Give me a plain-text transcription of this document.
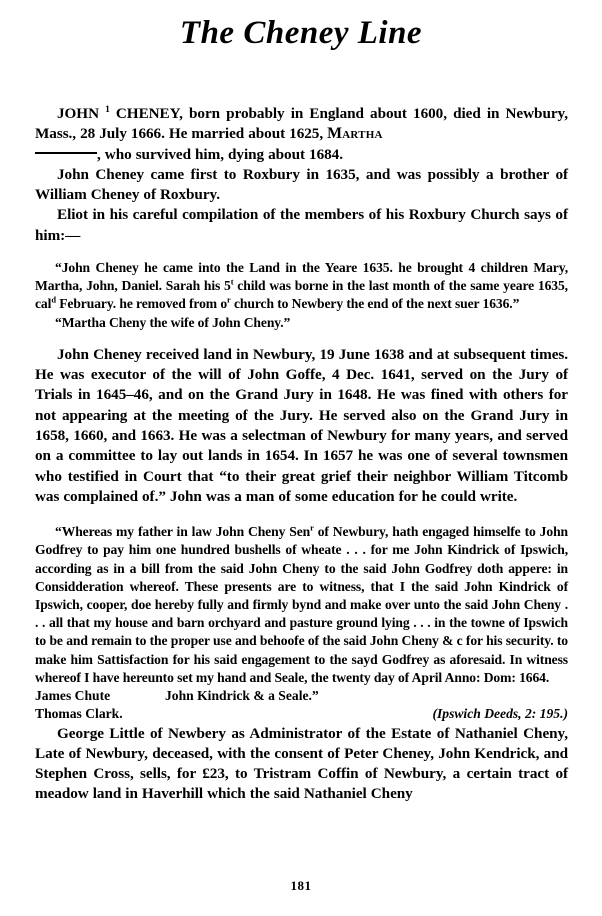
The Cheney Line

JOHN $^1$ CHENEY, born probably in England about 1600, died in Newbury, Mass., 28 July 1666. He married about 1625, Martha
, who survived him, dying about 1684.

John Cheney came first to Roxbury in 1635, and was possibly a brother of William Cheney of Roxbury.

Eliot in his careful compilation of the members of his Roxbury Church says of him:—

“John Cheney he came into the Land in the Yeare 1635. he brought 4 children Mary, Martha, John, Daniel. Sarah his 5$^t$ child was borne in the last month of the same yeare 1635, cal$^d$ February. he removed from $o^r$ church to Newbery the end of the next suer 1636.”

“Martha Cheny the wife of John Cheny.”

John Cheney received land in Newbury, 19 June 1638 and at subsequent times. He was executor of the will of John Goffe, 4 Dec. 1641, served on the Jury of Trials in 1645–46, and on the Grand Jury in 1648. He was fined with others for not appearing at the meeting of the Jury. He served also on the Grand Jury in 1658, 1660, and 1663. He was a selectman of Newbury for many years, and served on a committee to lay out lands in 1654. In 1657 he was one of several townsmen who testified in Court that “to their great grief their neighbor William Titcomb was complained of.” John was a man of some education for he could write.

“Whereas my father in law John Cheny Sen$^r$ of Newbury, hath engaged himselfe to John Godfrey to pay him one hundred bushells of wheate . . . for me John Kindrick of Ipswich, according as in a bill from the said John Cheny to the said John Godfrey doth appere: in Considderation whereof. These presents are to witness, that I the said John Kindrick of Ipswich, cooper, doe hereby fully and firmly bynd and make over unto the said John Cheny . . . all that my house and barn orchyard and pasture ground lying . . . in the towne of Ipswich to be and remain to the proper use and behoofe of the said John Cheny & c for his security. to make him Sattisfaction for his said engagement to the sayd Godfrey as aforesaid. In witness whereof I have hereunto set my hand and Seale, the twenty day of April Anno: Dom: 1664.

James Chute	John Kindrick & a Seale.”
(Ipswich Deeds, 2: 195.)
Thomas Clark.

George Little of Newbery as Administrator of the Estate of Nathaniel Cheny, Late of Newbury, deceased, with the consent of Peter Cheney, John Kendrick, and Stephen Cross, sells, for £23, to Tristram Coffin of Newbury, a certain tract of meadow land in Haverhill which the said Nathaniel Cheny

181
